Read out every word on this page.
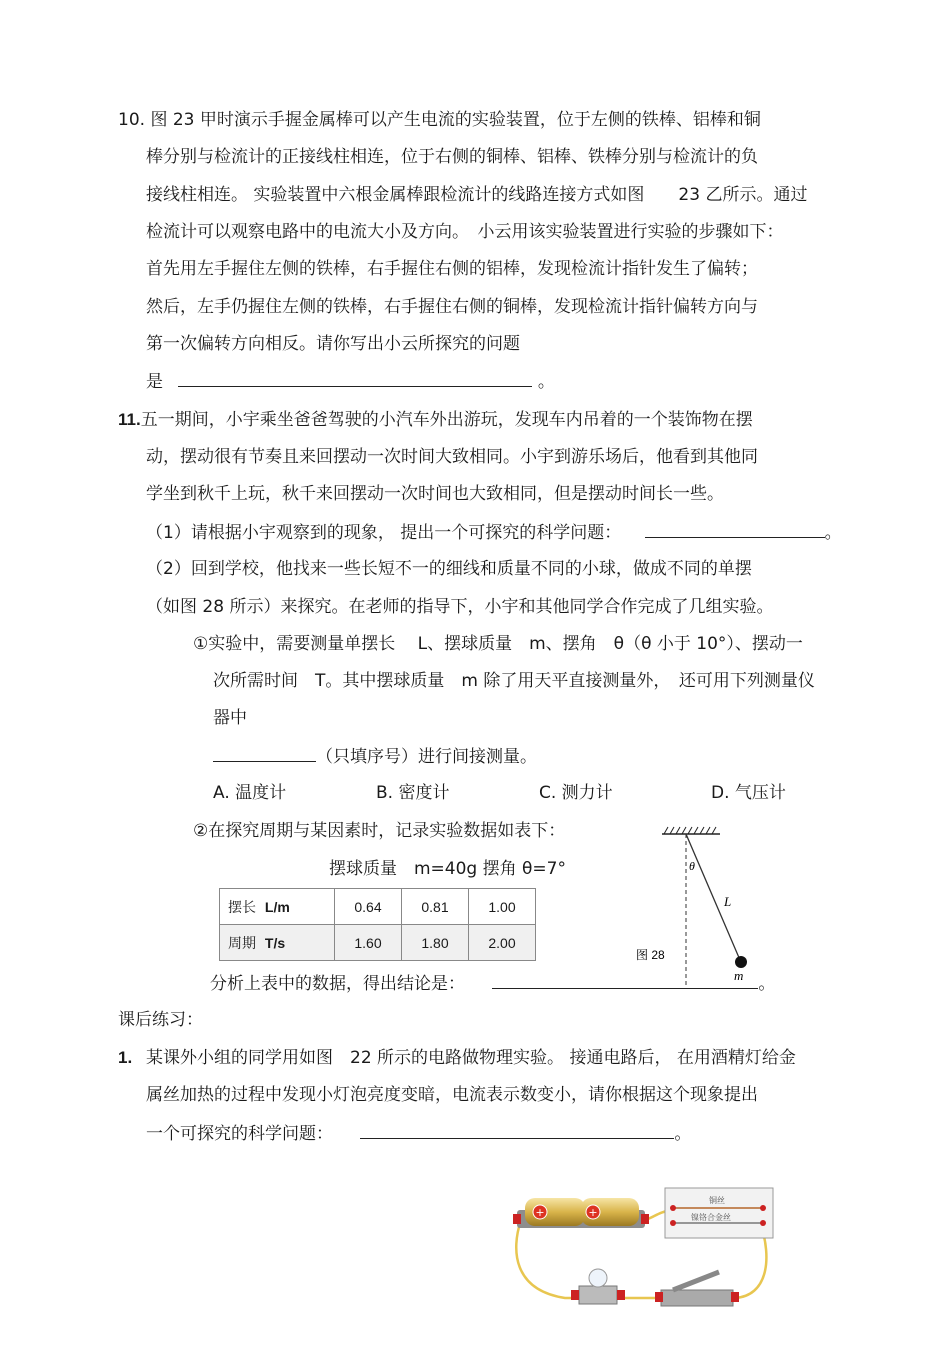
10. 图 23 甲时演示手握金属棒可以产生电流的实验装置，位于左侧的铁棒、铝棒和铜
棒分别与检流计的正接线柱相连，位于右侧的铜棒、铝棒、铁棒分别与检流计的负
接线柱相连。 实验装置中六根金属棒跟检流计的线路连接方式如图　　23 乙所示。通过
检流计可以观察电路中的电流大小及方向。　小云用该实验装置进行实验的步骤如下：
首先用左手握住左侧的铁棒，右手握住右侧的铝棒，发现检流计指针发生了偏转；
然后，左手仍握住左侧的铁棒，右手握住右侧的铜棒，发现检流计指针偏转方向与
第一次偏转方向相反。请你写出小云所探究的问题
是	。
11.五一期间，小宇乘坐爸爸驾驶的小汽车外出游玩，发现车内吊着的一个装饰物在摆
动，摆动很有节奏且来回摆动一次时间大致相同。小宇到游乐场后，他看到其他同
学坐到秋千上玩，秋千来回摆动一次时间也大致相同，但是摆动时间长一些。
（1）请根据小宇观察到的现象， 提出一个可探究的科学问题：	。
（2）回到学校，他找来一些长短不一的细线和质量不同的小球，做成不同的单摆
（如图 28 所示）来探究。在老师的指导下，小宇和其他同学合作完成了几组实验。
①实验中，需要测量单摆长　 L、摆球质量　m、摆角　θ（θ 小于 10°）、摆动一
次所需时间　T。其中摆球质量　m 除了用天平直接测量外，　还可用下列测量仪
器中
（只填序号）进行间接测量。
A. 温度计	B. 密度计	C. 测力计	D. 气压计
②在探究周期与某因素时，记录实验数据如表下：
摆球质量　m=40g 摆角 θ=7°
摆长 L/m	0.64	0.81	1.00
周期 T/s	1.60	1.80	2.00
θ
L
m
图 28
分析上表中的数据，得出结论是：	。
课后练习：
1. 某课外小组的同学用如图　22 所示的电路做物理实验。 接通电路后， 在用酒精灯给金
属丝加热的过程中发现小灯泡亮度变暗，电流表示数变小，请你根据这个现象提出
一个可探究的科学问题：	。
+	+
铜丝
镍铬合金丝
